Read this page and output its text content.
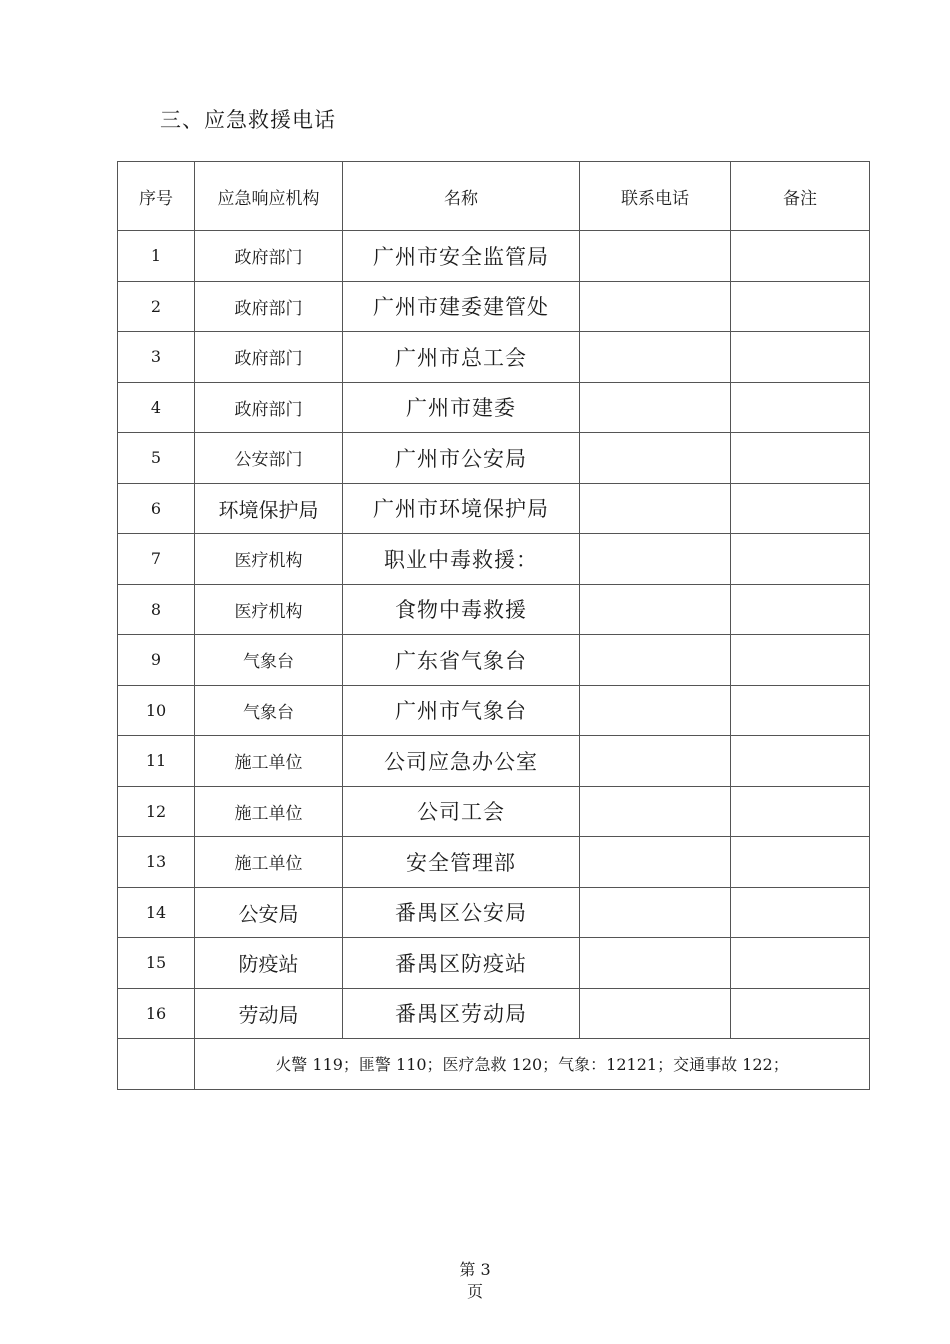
三、应急救援电话
序号	应急响应机构	名称	联系电话	备注
1	政府部门	广州市安全监管局		
2	政府部门	广州市建委建管处		
3	政府部门	广州市总工会		
4	政府部门	广州市建委		
5	公安部门	广州市公安局		
6	环境保护局	广州市环境保护局		
7	医疗机构	职业中毒救援：		
8	医疗机构	食物中毒救援		
9	气象台	广东省气象台		
10	气象台	广州市气象台		
11	施工单位	公司应急办公室		
12	施工单位	公司工会		
13	施工单位	安全管理部		
14	公安局	番禺区公安局		
15	防疫站	番禺区防疫站		
16	劳动局	番禺区劳动局		
	火警 119；匪警 110；医疗急救 120；气象：12121；交通事故 122；			
第 3
页
